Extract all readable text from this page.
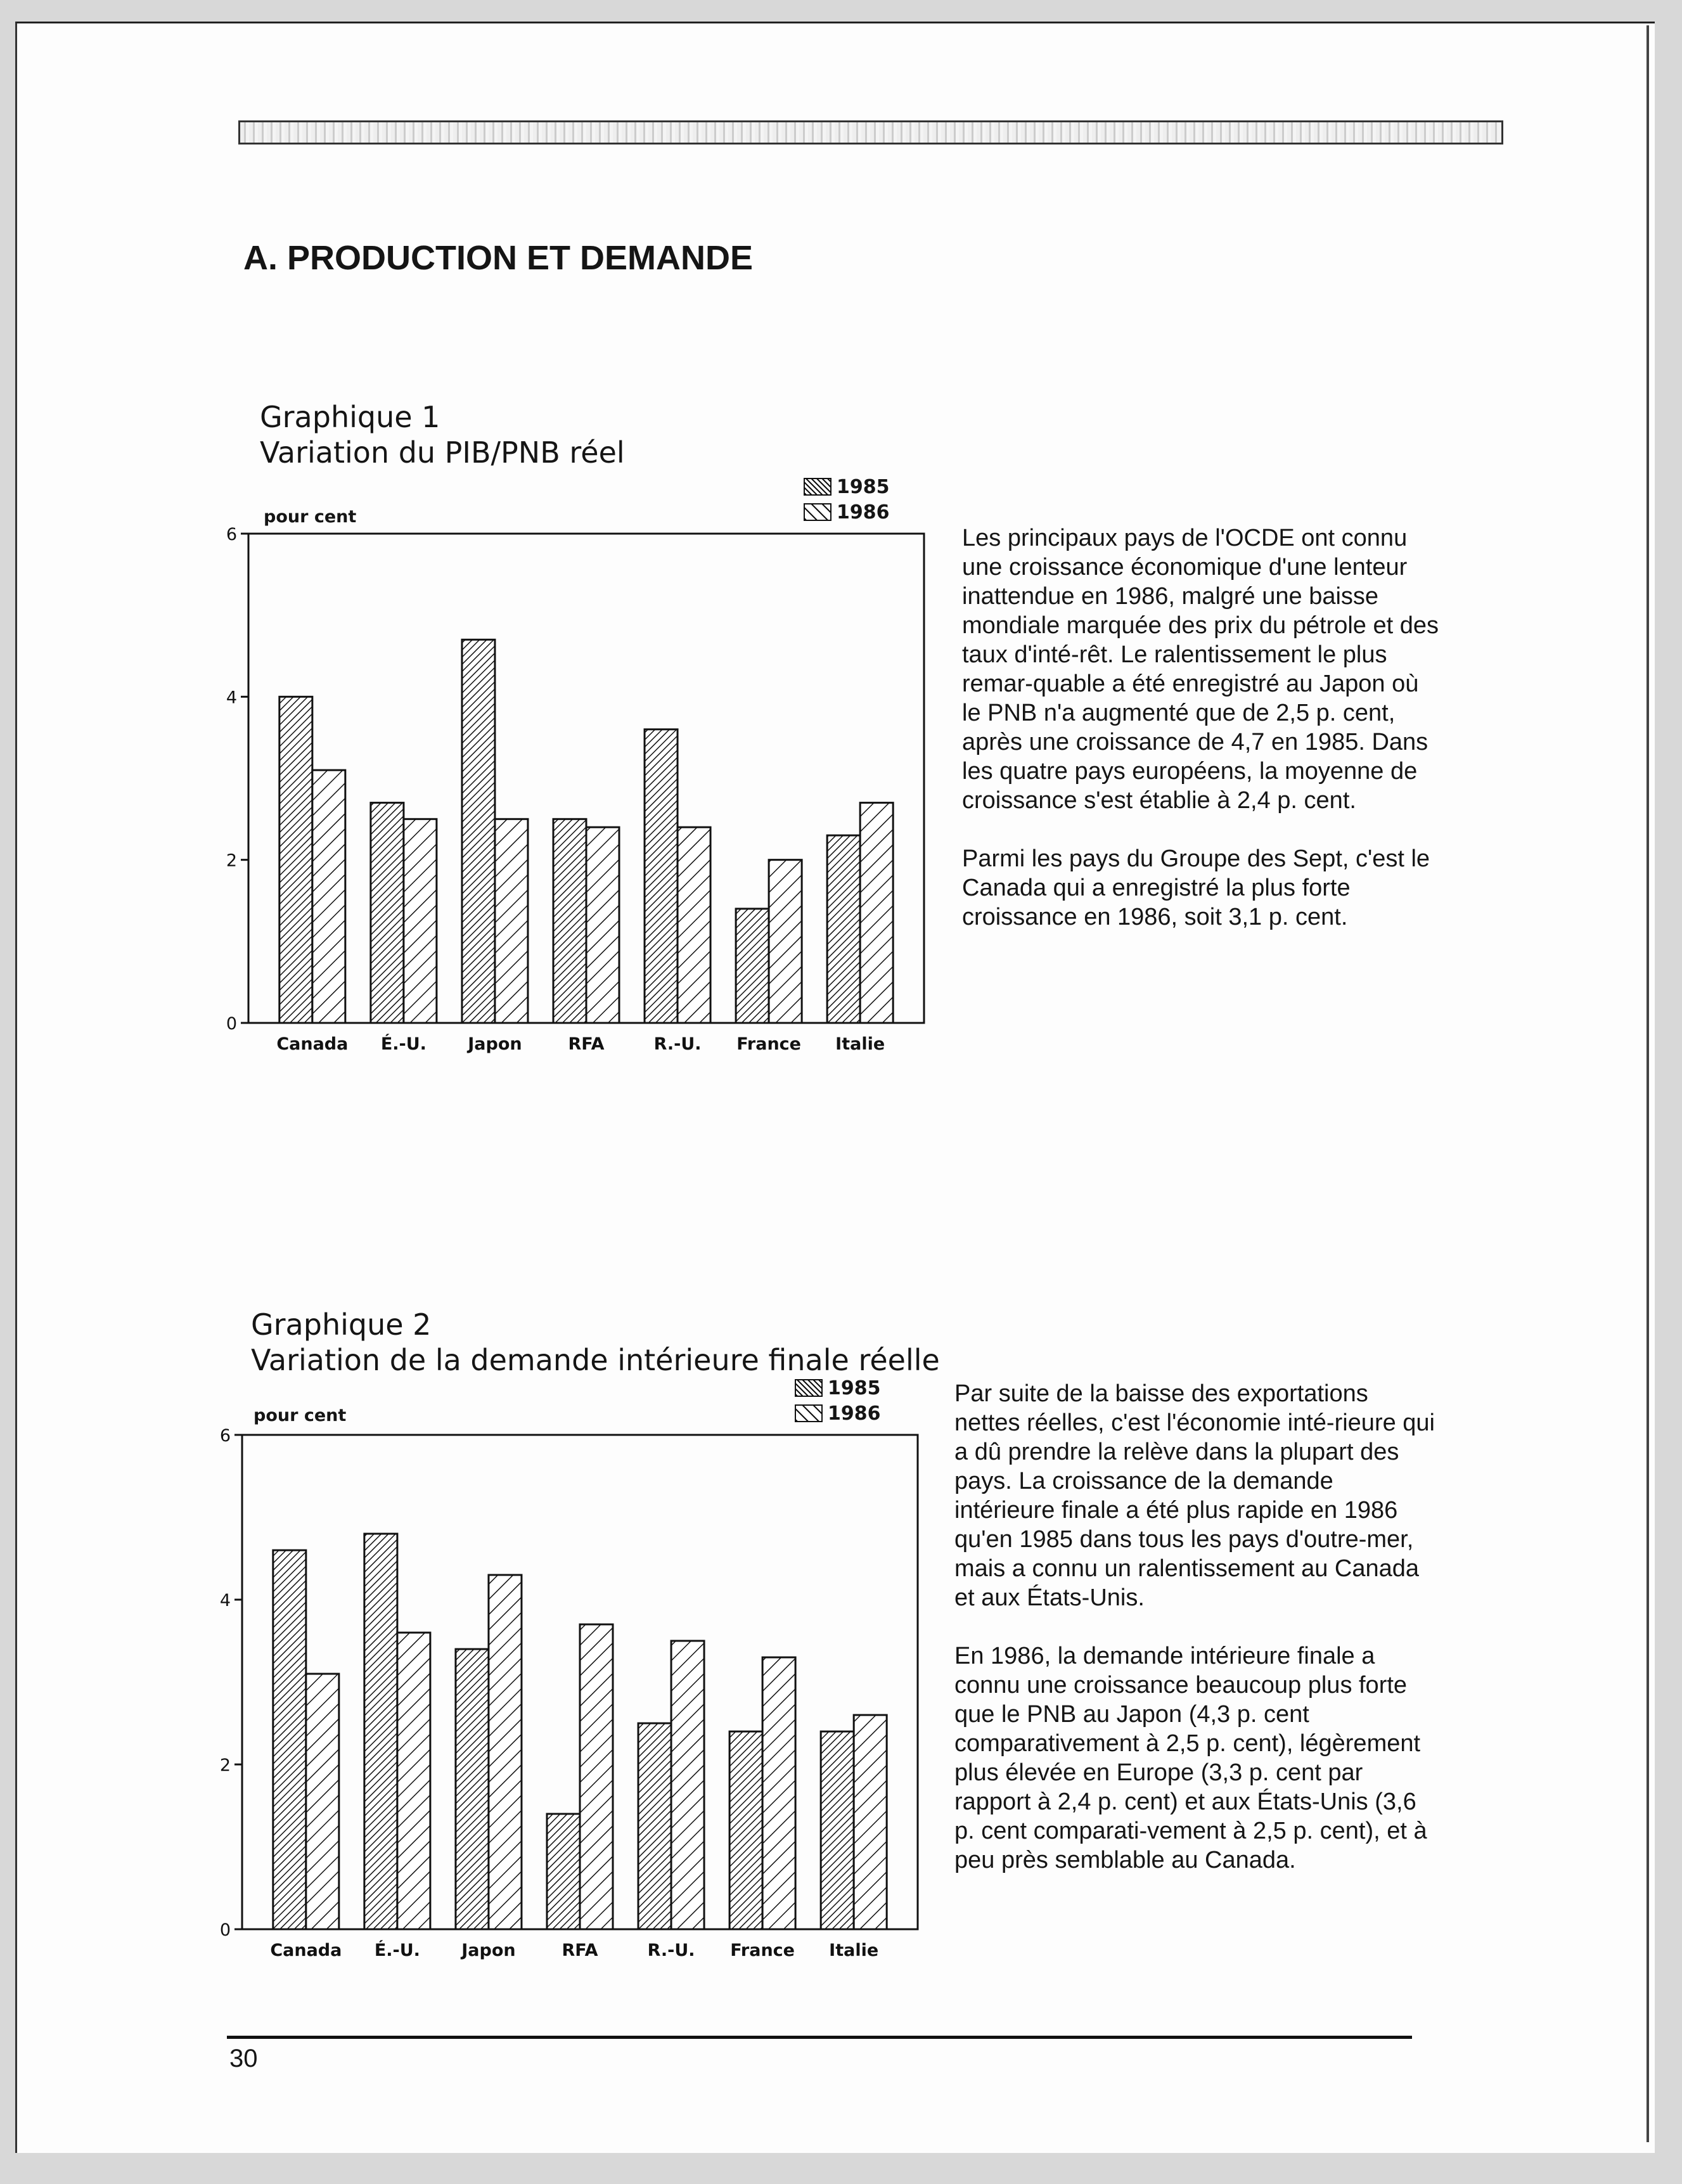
A. PRODUCTION ET DEMANDE
Graphique 1
Variation du PIB/PNB réel
1985
1986
pour cent
0
2
4
6
Canada É.-U. Japon	RFA	R.-U. France Italie

Les principaux pays de l'OCDE ont connu une croissance économique d'une lenteur inattendue en 1986, malgré une baisse mondiale marquée des prix du pétrole et des taux d'inté-rêt. Le ralentissement le plus remar-quable a été enregistré au Japon où le PNB n'a augmenté que de 2,5 p. cent, après une croissance de 4,7 en 1985. Dans les quatre pays européens, la moyenne de croissance s'est établie à 2,4 p. cent.

Parmi les pays du Groupe des Sept, c'est le Canada qui a enregistré la plus forte croissance en 1986, soit 3,1 p. cent.

Graphique 2
Variation de la demande intérieure finale réelle
1985
1986
pour cent
0
2
4
6
Canada É.-U. Japon	RFA	R.-U. France Italie

Par suite de la baisse des exportations nettes réelles, c'est l'économie inté-rieure qui a dû prendre la relève dans la plupart des pays. La croissance de la demande intérieure finale a été plus rapide en 1986 qu'en 1985 dans tous les pays d'outre-mer, mais a connu un ralentissement au Canada et aux États-Unis.

En 1986, la demande intérieure finale a connu une croissance beaucoup plus forte que le PNB au Japon (4,3 p. cent comparativement à 2,5 p. cent), légèrement plus élevée en Europe (3,3 p. cent par rapport à 2,4 p. cent) et aux États-Unis (3,6 p. cent comparati-vement à 2,5 p. cent), et à peu près semblable au Canada.

30
